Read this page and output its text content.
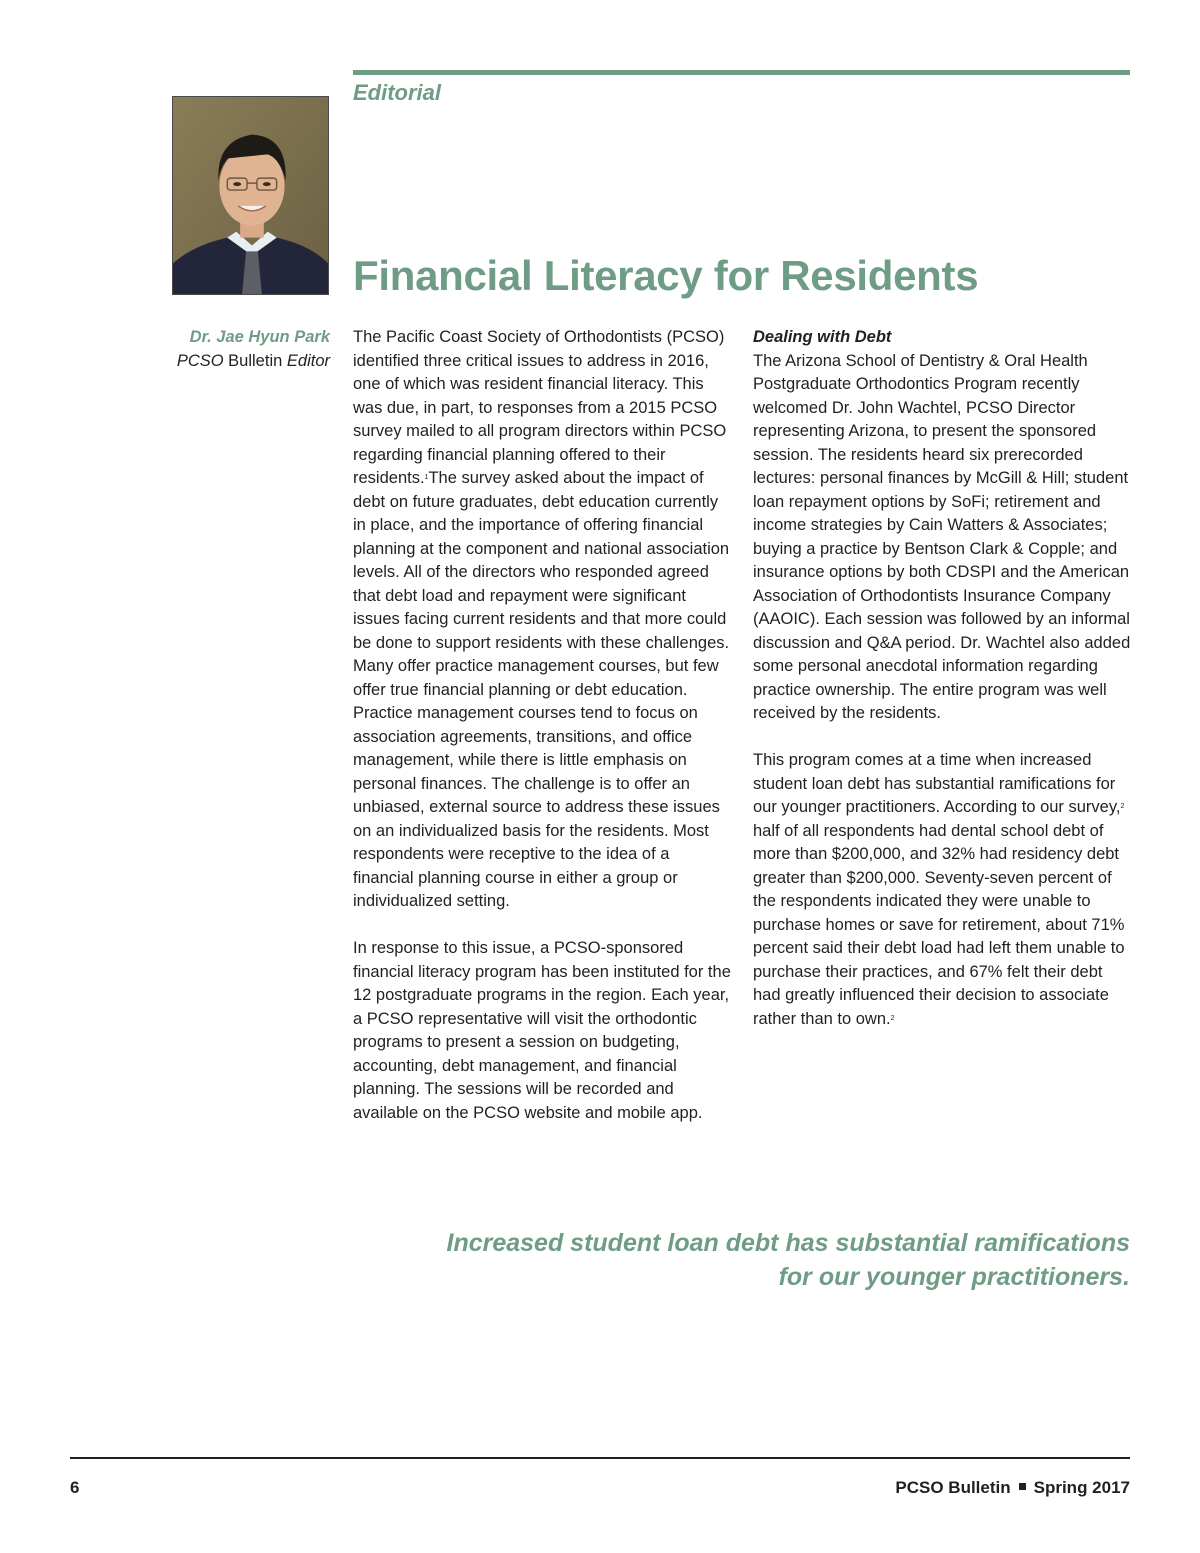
Editorial
Financial Literacy for Residents
Dr. Jae Hyun Park
PCSO Bulletin Editor

The Pacific Coast Society of Orthodontists (PCSO) identified three critical issues to address in 2016, one of which was resident financial literacy. This was due, in part, to responses from a 2015 PCSO survey mailed to all program directors within PCSO regarding financial planning offered to their residents.$^1$The survey asked about the impact of debt on future graduates, debt education currently in place, and the importance of offering financial planning at the component and national association levels. All of the directors who responded agreed that debt load and repayment were significant issues facing current residents and that more could be done to support residents with these challenges. Many offer practice management courses, but few offer true financial planning or debt education. Practice management courses tend to focus on association agreements, transitions, and office management, while there is little emphasis on personal finances. The challenge is to offer an unbiased, external source to address these issues on an individualized basis for the residents. Most respondents were receptive to the idea of a financial planning course in either a group or individualized setting.

In response to this issue, a PCSO-sponsored financial literacy program has been instituted for the 12 postgraduate programs in the region. Each year, a PCSO representative will visit the orthodontic programs to present a session on budgeting, accounting, debt management, and financial planning. The sessions will be recorded and available on the PCSO website and mobile app.

Dealing with Debt
The Arizona School of Dentistry & Oral Health Postgraduate Orthodontics Program recently welcomed Dr. John Wachtel, PCSO Director representing Arizona, to present the sponsored session. The residents heard six prerecorded lectures: personal finances by McGill & Hill; student loan repayment options by SoFi; retirement and income strategies by Cain Watters & Associates; buying a practice by Bentson Clark & Copple; and insurance options by both CDSPI and the American Association of Orthodontists Insurance Company (AAOIC). Each session was followed by an informal discussion and Q&A period. Dr. Wachtel also added some personal anecdotal information regarding practice ownership. The entire program was well received by the residents.

This program comes at a time when increased student loan debt has substantial ramifications for our younger practitioners. According to our survey,$^2$ half of all respondents had dental school debt of more than $200,000, and 32% had residency debt greater than $200,000. Seventy-seven percent of the respondents indicated they were unable to purchase homes or save for retirement, about 71% percent said their debt load had left them unable to purchase their practices, and 67% felt their debt had greatly influenced their decision to associate rather than to own.$^2$

Increased student loan debt has substantial ramifications
for our younger practitioners.
6	PCSO Bulletin Spring 2017
